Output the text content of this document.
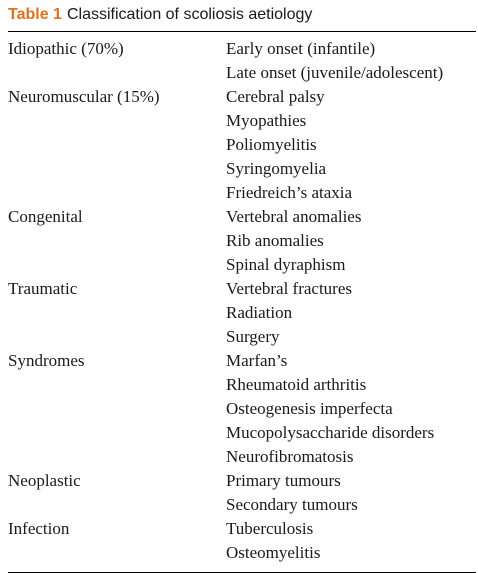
Table 1 Classification of scoliosis aetiology
Idiopathic (70%)	Early onset (infantile)
Late onset (juvenile/adolescent)
Neuromuscular (15%)	Cerebral palsy
Myopathies
Poliomyelitis
Syringomyelia
Friedreich’s ataxia
Congenital	Vertebral anomalies
Rib anomalies
Spinal dyraphism
Traumatic	Vertebral fractures
Radiation
Surgery
Syndromes	Marfan’s
Rheumatoid arthritis
Osteogenesis imperfecta
Mucopolysaccharide disorders
Neurofibromatosis
Neoplastic	Primary tumours
Secondary tumours
Infection	Tuberculosis
Osteomyelitis
